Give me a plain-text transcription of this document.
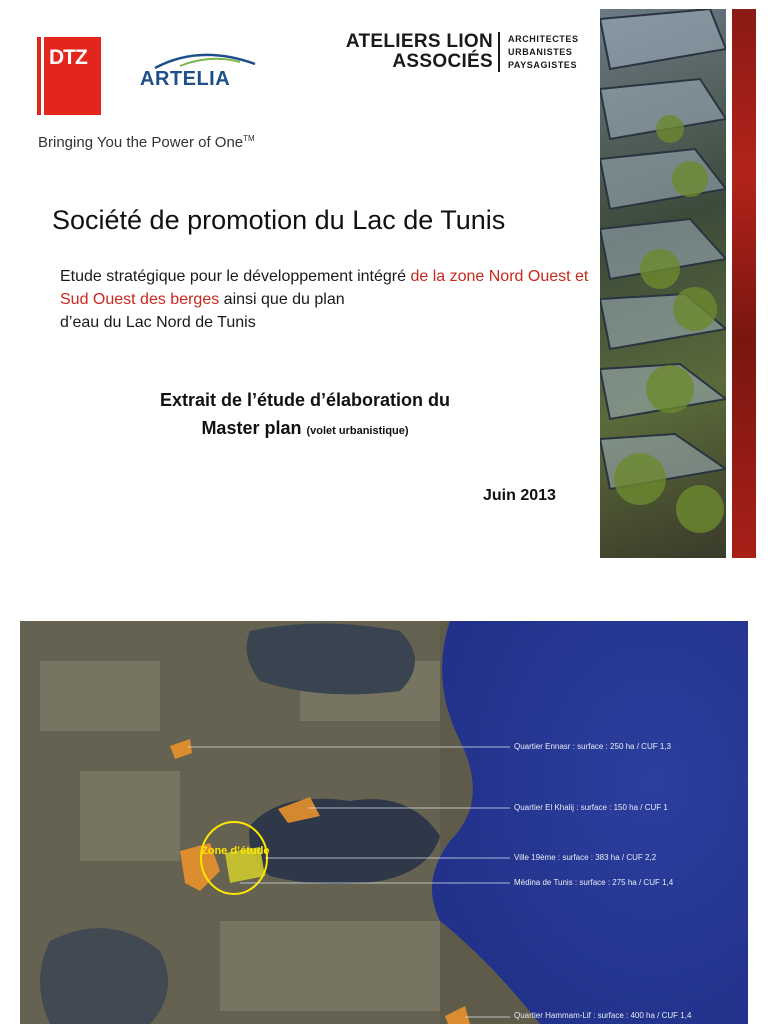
DTZ
ARTELIA
ATELIERS LION
ASSOCIÉS
ARCHITECTES
URBANISTES
PAYSAGISTES
Bringing You the Power of One™
Société de promotion du Lac de Tunis
Etude stratégique pour le développement intégré de la zone Nord Ouest et Sud Ouest des berges ainsi que du plan
d’eau du Lac Nord de Tunis
Extrait de l’étude d’élaboration du
Master plan (volet urbanistique)
Juin 2013
Zone d’étude
Quartier Ennasr : surface : 250 ha / CUF 1,3
Quartier El Khalij : surface : 150 ha / CUF 1
Ville 19ème : surface : 383 ha / CUF 2,2
Médina de Tunis : surface : 275 ha / CUF 1,4
Quartier Hammam-Lif : surface : 400 ha / CUF 1,4
